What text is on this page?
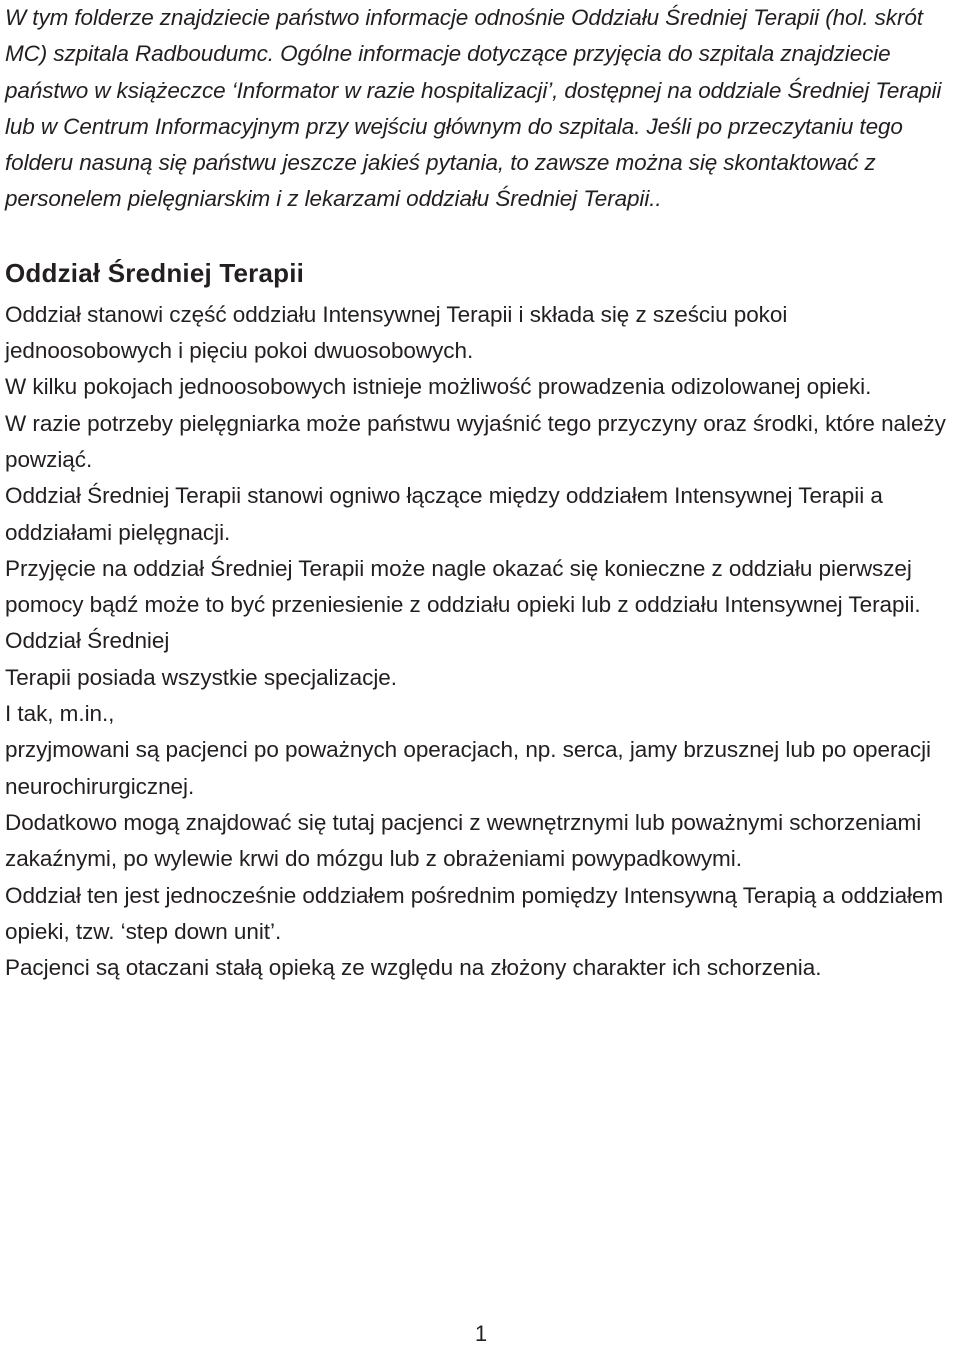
W tym folderze znajdziecie państwo informacje odnośnie Oddziału Średniej Terapii (hol. skrót MC) szpitala Radboudumc. Ogólne informacje dotyczące przyjęcia do szpitala znajdziecie państwo w książeczce ‘Informator w razie hospitalizacji’, dostępnej na oddziale Średniej Terapii lub w Centrum Informacyjnym przy wejściu głównym do szpitala. Jeśli po przeczytaniu tego folderu nasuną się państwu jeszcze jakieś pytania, to zawsze można się skontaktować z personelem pielęgniarskim i z lekarzami oddziału Średniej Terapii..

Oddział Średniej Terapii

Oddział stanowi część oddziału Intensywnej Terapii i składa się z sześciu pokoi jednoosobowych i pięciu pokoi dwuosobowych.

W kilku pokojach jednoosobowych istnieje możliwość prowadzenia odizolowanej opieki.

W razie potrzeby pielęgniarka może państwu wyjaśnić tego przyczyny oraz środki, które należy powziąć.

Oddział Średniej Terapii stanowi ogniwo łączące między oddziałem Intensywnej Terapii a oddziałami pielęgnacji.

Przyjęcie na oddział Średniej Terapii może nagle okazać się konieczne z oddziału pierwszej pomocy bądź może to być przeniesienie z oddziału opieki lub z oddziału Intensywnej Terapii.

Oddział Średniej

Terapii posiada wszystkie specjalizacje.

I tak, m.in.,

przyjmowani są pacjenci po poważnych operacjach, np. serca, jamy brzusznej lub po operacji neurochirurgicznej.

Dodatkowo mogą znajdować się tutaj pacjenci z wewnętrznymi lub poważnymi schorzeniami zakaźnymi, po wylewie krwi do mózgu lub z obrażeniami powypadkowymi.

Oddział ten jest jednocześnie oddziałem pośrednim pomiędzy Intensywną Terapią a oddziałem opieki, tzw. ‘step down unit’.

Pacjenci są otaczani stałą opieką ze względu na złożony charakter ich schorzenia.

1
